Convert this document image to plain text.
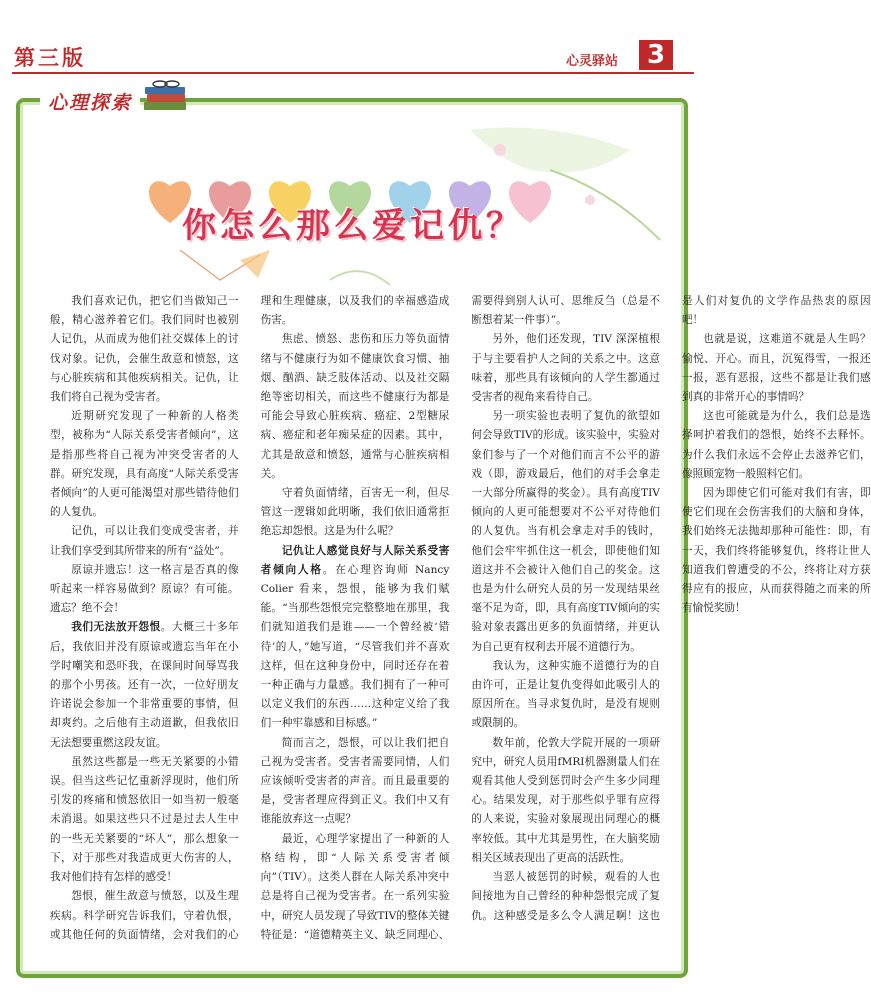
第三版	心灵驿站	3
心理探索
你怎么那么爱记仇？

我们喜欢记仇，把它们当做知己一般，精心滋养着它们。我们同时也被别人记仇，从而成为他们社交媒体上的讨伐对象。记仇，会催生敌意和愤怒，这与心脏疾病和其他疾病相关。记仇，让我们将自己视为受害者。

近期研究发现了一种新的人格类型，被称为“人际关系受害者倾向”，这是指那些将自己视为冲突受害者的人群。研究发现，具有高度“人际关系受害者倾向”的人更可能渴望对那些错待他们的人复仇。

记仇，可以让我们变成受害者，并让我们享受到其所带来的所有“益处”。

原谅并遗忘！这一格言是否真的像听起来一样容易做到？原谅？有可能。遗忘？绝不会！

我们无法放开怨恨。大概三十多年后，我依旧并没有原谅或遗忘当年在小学时嘲笑和恐吓我，在课间时间辱骂我的那个小男孩。还有一次，一位好朋友许诺说会参加一个非常重要的事情，但却爽约。之后他有主动道歉，但我依旧无法想要重燃这段友谊。

虽然这些都是一些无关紧要的小错误。但当这些记忆重新浮现时，他们所引发的疼痛和愤怒依旧一如当初一般毫未消退。如果这些只不过是过去人生中的一些无关紧要的“坏人”，那么想象一下，对于那些对我造成更大伤害的人，我对他们持有怎样的感受！

怨恨，催生敌意与愤怒，以及生理疾病。科学研究告诉我们，守着仇恨，或其他任何的负面情绪，会对我们的心理和生理健康，以及我们的幸福感造成伤害。

焦虑、愤怒、悲伤和压力等负面情绪与不健康行为如不健康饮食习惯、抽烟、酗酒、缺乏肢体活动、以及社交隔绝等密切相关，而这些不健康行为都是可能会导致心脏疾病、癌症、2型糖尿病、癌症和老年痴呆症的因素。其中，尤其是敌意和愤怒，通常与心脏疾病相关。

守着负面情绪，百害无一利，但尽管这一逻辑如此明晰，我们依旧通常拒绝忘却怨恨。这是为什么呢？

记仇让人感觉良好与人际关系受害者倾向人格。在心理咨询师 Nancy Colier 看来，怨恨，能够为我们赋能。“当那些怨恨完完整整地在那里，我们就知道我们是谁——一个曾经被‘错待’的人，”她写道，“尽管我们并不喜欢这样，但在这种身份中，同时还存在着一种正确与力量感。我们拥有了一种可以定义我们的东西……这种定义给了我们一种牢靠感和目标感。”

简而言之，怨恨，可以让我们把自己视为受害者。受害者需要同情，人们应该倾听受害者的声音。而且最重要的是，受害者理应得到正义。我们中又有谁能放弃这一点呢？

最近，心理学家提出了一种新的人格结构，即“人际关系受害者倾向”（TIV）。这类人群在人际关系冲突中总是将自己视为受害者。在一系列实验中，研究人员发现了导致TIV的整体关键特征是：“道德精英主义、缺乏同理心、需要得到别人认可、思维反刍（总是不断想着某一件事）”。

另外，他们还发现，TIV 深深植根于与主要看护人之间的关系之中。这意味着，那些具有该倾向的人学生都通过受害者的视角来看待自己。

另一项实验也表明了复仇的欲望如何会导致TIV的形成。该实验中，实验对象们参与了一个对他们而言不公平的游戏（即，游戏最后，他们的对手会拿走一大部分所赢得的奖金）。具有高度TIV倾向的人更可能想要对不公平对待他们的人复仇。当有机会拿走对手的钱时，他们会牢牢抓住这一机会，即使他们知道这并不会被计入他们自己的奖金。这也是为什么研究人员的另一发现结果丝毫不足为奇，即，具有高度TIV倾向的实验对象表露出更多的负面情绪，并更认为自己更有权利去开展不道德行为。

我认为，这种实施不道德行为的自由许可，正是让复仇变得如此吸引人的原因所在。当寻求复仇时，是没有规则或限制的。

数年前，伦敦大学院开展的一项研究中，研究人员用fMRI机器测量人们在观看其他人受到惩罚时会产生多少同理心。结果发现，对于那些似乎罪有应得的人来说，实验对象展现出同理心的概率较低。其中尤其是男性，在大脑奖励相关区域表现出了更高的活跃性。

当恶人被惩罚的时候，观看的人也间接地为自己曾经的种种怨恨完成了复仇。这种感受是多么令人满足啊！这也是人们对复仇的文学作品热衷的原因吧！

也就是说，这难道不就是人生吗？愉悦、开心。而且，沉冤得雪，一报还一报，恶有恶报，这些不都是让我们感到真的非常开心的事情吗？

这也可能就是为什么，我们总是选择呵护着我们的怨恨，始终不去释怀。为什么我们永远不会停止去滋养它们，像照顾宠物一般照料它们。

因为即使它们可能对我们有害，即使它们现在会伤害我们的大脑和身体，我们始终无法抛却那种可能性：即，有一天，我们终将能够复仇，终将让世人知道我们曾遭受的不公，终将让对方获得应有的报应，从而获得随之而来的所有愉悦奖励！
